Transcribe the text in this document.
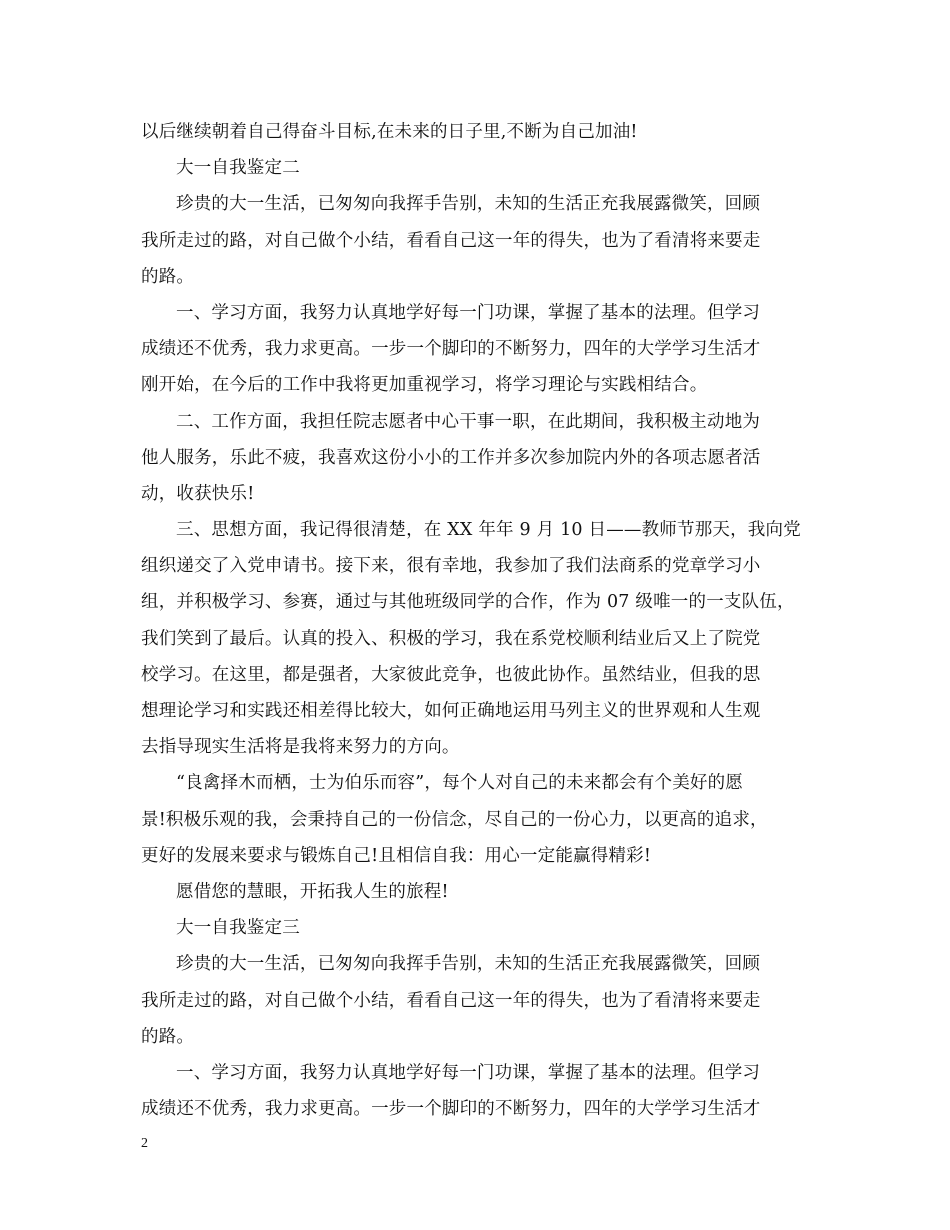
以后继续朝着自己得奋斗目标,在未来的日子里,不断为自己加油!
大一自我鉴定二
珍贵的大一生活，已匆匆向我挥手告别，未知的生活正充我展露微笑，回顾
我所走过的路，对自己做个小结，看看自己这一年的得失，也为了看清将来要走
的路。
一、学习方面，我努力认真地学好每一门功课，掌握了基本的法理。但学习
成绩还不优秀，我力求更高。一步一个脚印的不断努力，四年的大学学习生活才
刚开始，在今后的工作中我将更加重视学习，将学习理论与实践相结合。
二、工作方面，我担任院志愿者中心干事一职，在此期间，我积极主动地为
他人服务，乐此不疲，我喜欢这份小小的工作并多次参加院内外的各项志愿者活
动，收获快乐!
三、思想方面，我记得很清楚，在 XX 年年 9 月 10 日——教师节那天，我向党
组织递交了入党申请书。接下来，很有幸地，我参加了我们法商系的党章学习小
组，并积极学习、参赛，通过与其他班级同学的合作，作为 07 级唯一的一支队伍，
我们笑到了最后。认真的投入、积极的学习，我在系党校顺利结业后又上了院党
校学习。在这里，都是强者，大家彼此竞争，也彼此协作。虽然结业，但我的思
想理论学习和实践还相差得比较大，如何正确地运用马列主义的世界观和人生观
去指导现实生活将是我将来努力的方向。
“良禽择木而栖，士为伯乐而容”，每个人对自己的未来都会有个美好的愿
景!积极乐观的我，会秉持自己的一份信念，尽自己的一份心力，以更高的追求，
更好的发展来要求与锻炼自己!且相信自我：用心一定能赢得精彩!
愿借您的慧眼，开拓我人生的旅程!
大一自我鉴定三
珍贵的大一生活，已匆匆向我挥手告别，未知的生活正充我展露微笑，回顾
我所走过的路，对自己做个小结，看看自己这一年的得失，也为了看清将来要走
的路。
一、学习方面，我努力认真地学好每一门功课，掌握了基本的法理。但学习
成绩还不优秀，我力求更高。一步一个脚印的不断努力，四年的大学学习生活才
2
